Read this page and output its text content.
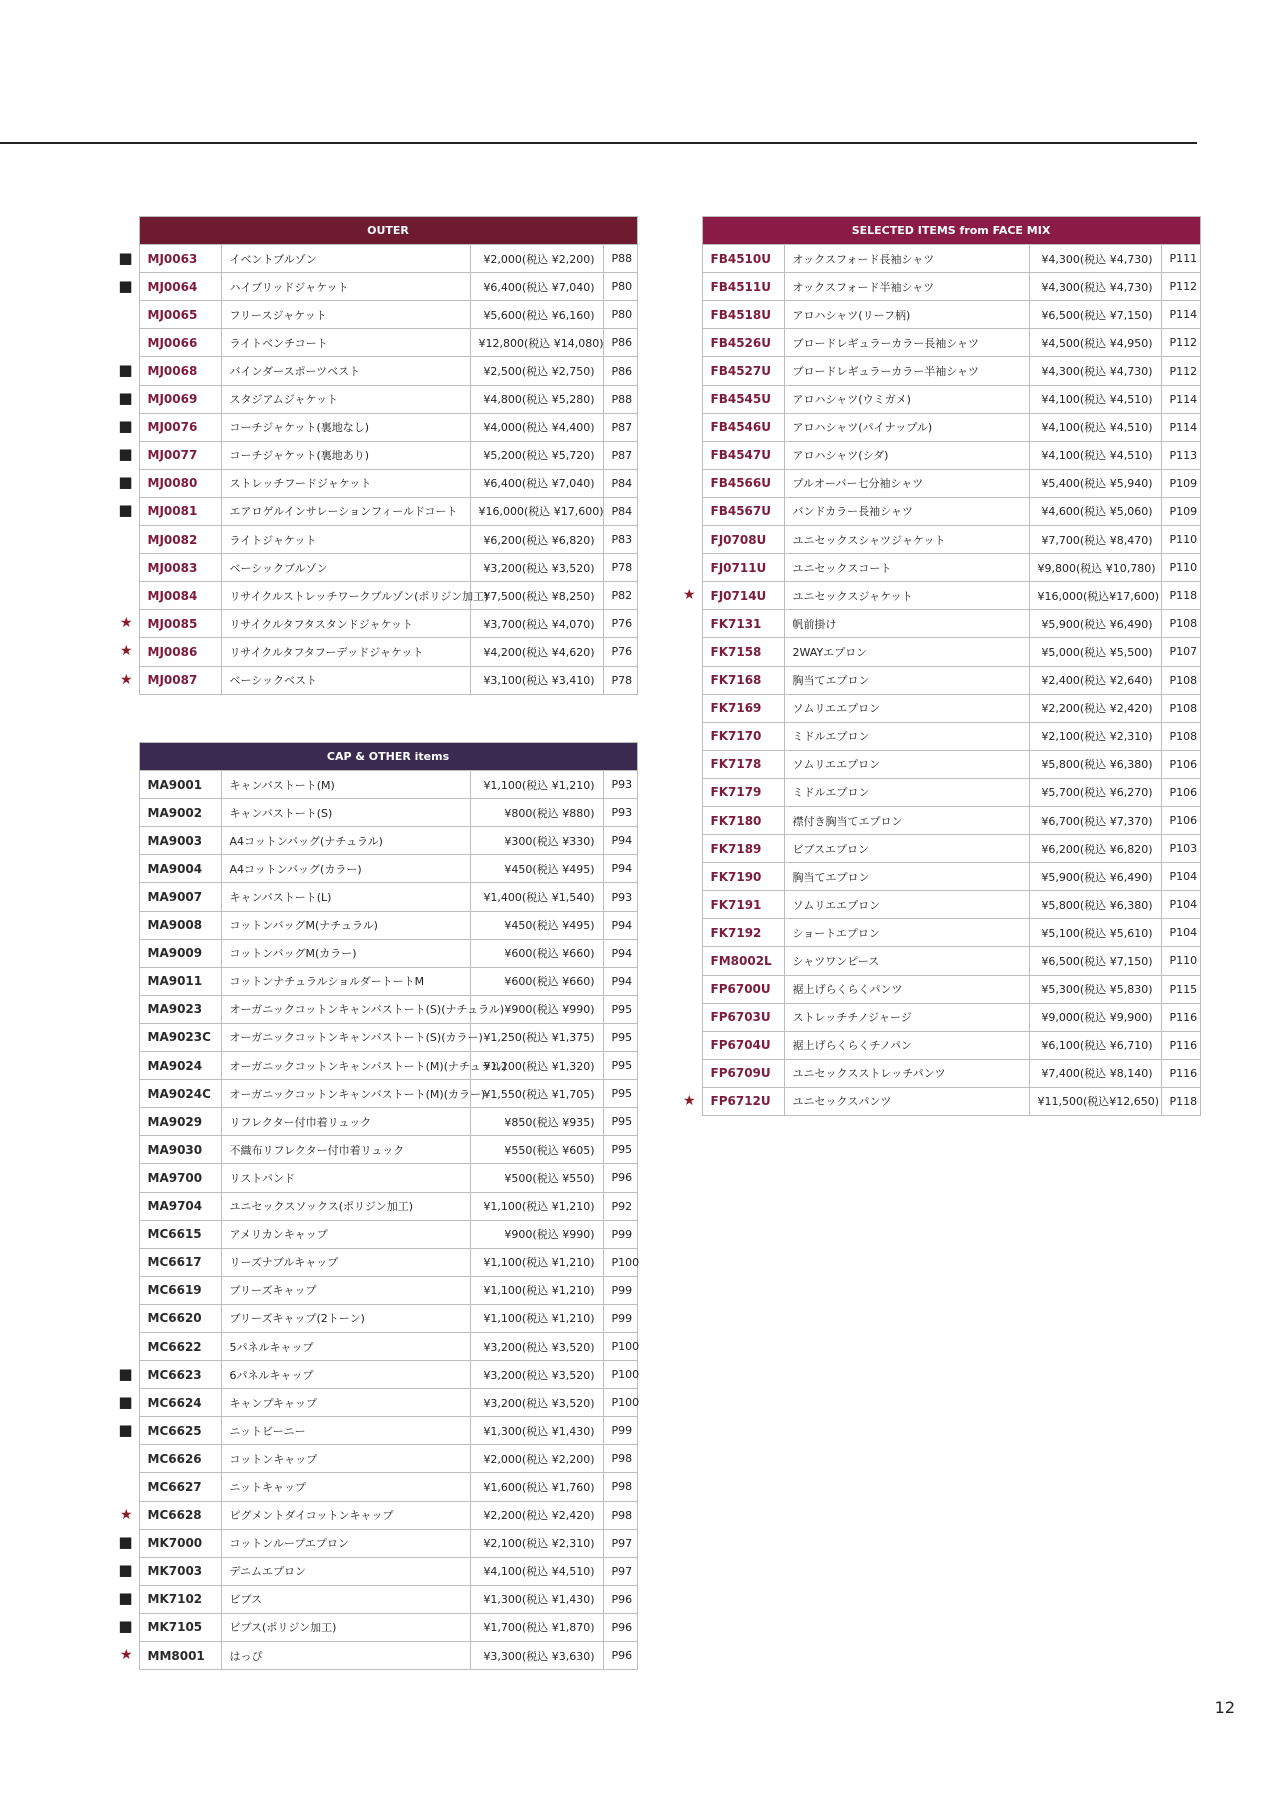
	OUTER			
■	MJ0063	イベントブルゾン	¥2,000(税込 ¥2,200)	P88
■	MJ0064	ハイブリッドジャケット	¥6,400(税込 ¥7,040)	P80
	MJ0065	フリースジャケット	¥5,600(税込 ¥6,160)	P80
	MJ0066	ライトベンチコート	¥12,800(税込 ¥14,080)	P86
■	MJ0068	バインダースポーツベスト	¥2,500(税込 ¥2,750)	P86
■	MJ0069	スタジアムジャケット	¥4,800(税込 ¥5,280)	P88
■	MJ0076	コーチジャケット(裏地なし)	¥4,000(税込 ¥4,400)	P87
■	MJ0077	コーチジャケット(裏地あり)	¥5,200(税込 ¥5,720)	P87
■	MJ0080	ストレッチフードジャケット	¥6,400(税込 ¥7,040)	P84
■	MJ0081	エアロゲルインサレーションフィールドコート	¥16,000(税込 ¥17,600)	P84
	MJ0082	ライトジャケット	¥6,200(税込 ¥6,820)	P83
	MJ0083	ベーシックブルゾン	¥3,200(税込 ¥3,520)	P78
	MJ0084	リサイクルストレッチワークブルゾン(ポリジン加工)	¥7,500(税込 ¥8,250)	P82
★	MJ0085	リサイクルタフタスタンドジャケット	¥3,700(税込 ¥4,070)	P76
★	MJ0086	リサイクルタフタフーデッドジャケット	¥4,200(税込 ¥4,620)	P76
★	MJ0087	ベーシックベスト	¥3,100(税込 ¥3,410)	P78
	CAP & OTHER items			
	MA9001	キャンバストート(M)	¥1,100(税込 ¥1,210)	P93
	MA9002	キャンバストート(S)	¥800(税込 ¥880)	P93
	MA9003	A4コットンバッグ(ナチュラル)	¥300(税込 ¥330)	P94
	MA9004	A4コットンバッグ(カラー)	¥450(税込 ¥495)	P94
	MA9007	キャンバストート(L)	¥1,400(税込 ¥1,540)	P93
	MA9008	コットンバッグM(ナチュラル)	¥450(税込 ¥495)	P94
	MA9009	コットンバッグM(カラー)	¥600(税込 ¥660)	P94
	MA9011	コットンナチュラルショルダートートM	¥600(税込 ¥660)	P94
	MA9023	オーガニックコットンキャンバストート(S)(ナチュラル)	¥900(税込 ¥990)	P95
	MA9023C	オーガニックコットンキャンバストート(S)(カラー)	¥1,250(税込 ¥1,375)	P95
	MA9024	オーガニックコットンキャンバストート(M)(ナチュラル)	¥1,200(税込 ¥1,320)	P95
	MA9024C	オーガニックコットンキャンバストート(M)(カラー)	¥1,550(税込 ¥1,705)	P95
	MA9029	リフレクター付巾着リュック	¥850(税込 ¥935)	P95
	MA9030	不織布リフレクター付巾着リュック	¥550(税込 ¥605)	P95
	MA9700	リストバンド	¥500(税込 ¥550)	P96
	MA9704	ユニセックスソックス(ポリジン加工)	¥1,100(税込 ¥1,210)	P92
	MC6615	アメリカンキャップ	¥900(税込 ¥990)	P99
	MC6617	リーズナブルキャップ	¥1,100(税込 ¥1,210)	P100
	MC6619	ブリーズキャップ	¥1,100(税込 ¥1,210)	P99
	MC6620	ブリーズキャップ(2トーン)	¥1,100(税込 ¥1,210)	P99
	MC6622	5パネルキャップ	¥3,200(税込 ¥3,520)	P100
■	MC6623	6パネルキャップ	¥3,200(税込 ¥3,520)	P100
■	MC6624	キャンプキャップ	¥3,200(税込 ¥3,520)	P100
■	MC6625	ニットビーニー	¥1,300(税込 ¥1,430)	P99
	MC6626	コットンキャップ	¥2,000(税込 ¥2,200)	P98
	MC6627	ニットキャップ	¥1,600(税込 ¥1,760)	P98
★	MC6628	ピグメントダイコットンキャップ	¥2,200(税込 ¥2,420)	P98
■	MK7000	コットンループエプロン	¥2,100(税込 ¥2,310)	P97
■	MK7003	デニムエプロン	¥4,100(税込 ¥4,510)	P97
■	MK7102	ビブス	¥1,300(税込 ¥1,430)	P96
■	MK7105	ビブス(ポリジン加工)	¥1,700(税込 ¥1,870)	P96
★	MM8001	はっぴ	¥3,300(税込 ¥3,630)	P96
	SELECTED ITEMS from FACE MIX			
	FB4510U	オックスフォード長袖シャツ	¥4,300(税込 ¥4,730)	P111
	FB4511U	オックスフォード半袖シャツ	¥4,300(税込 ¥4,730)	P112
	FB4518U	アロハシャツ(リーフ柄)	¥6,500(税込 ¥7,150)	P114
	FB4526U	ブロードレギュラーカラー長袖シャツ	¥4,500(税込 ¥4,950)	P112
	FB4527U	ブロードレギュラーカラー半袖シャツ	¥4,300(税込 ¥4,730)	P112
	FB4545U	アロハシャツ(ウミガメ)	¥4,100(税込 ¥4,510)	P114
	FB4546U	アロハシャツ(パイナップル)	¥4,100(税込 ¥4,510)	P114
	FB4547U	アロハシャツ(シダ)	¥4,100(税込 ¥4,510)	P113
	FB4566U	プルオーバー七分袖シャツ	¥5,400(税込 ¥5,940)	P109
	FB4567U	バンドカラー長袖シャツ	¥4,600(税込 ¥5,060)	P109
	FJ0708U	ユニセックスシャツジャケット	¥7,700(税込 ¥8,470)	P110
	FJ0711U	ユニセックスコート	¥9,800(税込 ¥10,780)	P110
★	FJ0714U	ユニセックスジャケット	¥16,000(税込¥17,600)	P118
	FK7131	帆前掛け	¥5,900(税込 ¥6,490)	P108
	FK7158	2WAYエプロン	¥5,000(税込 ¥5,500)	P107
	FK7168	胸当てエプロン	¥2,400(税込 ¥2,640)	P108
	FK7169	ソムリエエプロン	¥2,200(税込 ¥2,420)	P108
	FK7170	ミドルエプロン	¥2,100(税込 ¥2,310)	P108
	FK7178	ソムリエエプロン	¥5,800(税込 ¥6,380)	P106
	FK7179	ミドルエプロン	¥5,700(税込 ¥6,270)	P106
	FK7180	襟付き胸当てエプロン	¥6,700(税込 ¥7,370)	P106
	FK7189	ビブスエプロン	¥6,200(税込 ¥6,820)	P103
	FK7190	胸当てエプロン	¥5,900(税込 ¥6,490)	P104
	FK7191	ソムリエエプロン	¥5,800(税込 ¥6,380)	P104
	FK7192	ショートエプロン	¥5,100(税込 ¥5,610)	P104
	FM8002L	シャツワンピース	¥6,500(税込 ¥7,150)	P110
	FP6700U	裾上げらくらくパンツ	¥5,300(税込 ¥5,830)	P115
	FP6703U	ストレッチチノジャージ	¥9,000(税込 ¥9,900)	P116
	FP6704U	裾上げらくらくチノパン	¥6,100(税込 ¥6,710)	P116
	FP6709U	ユニセックスストレッチパンツ	¥7,400(税込 ¥8,140)	P116
★	FP6712U	ユニセックスパンツ	¥11,500(税込¥12,650)	P118
12
